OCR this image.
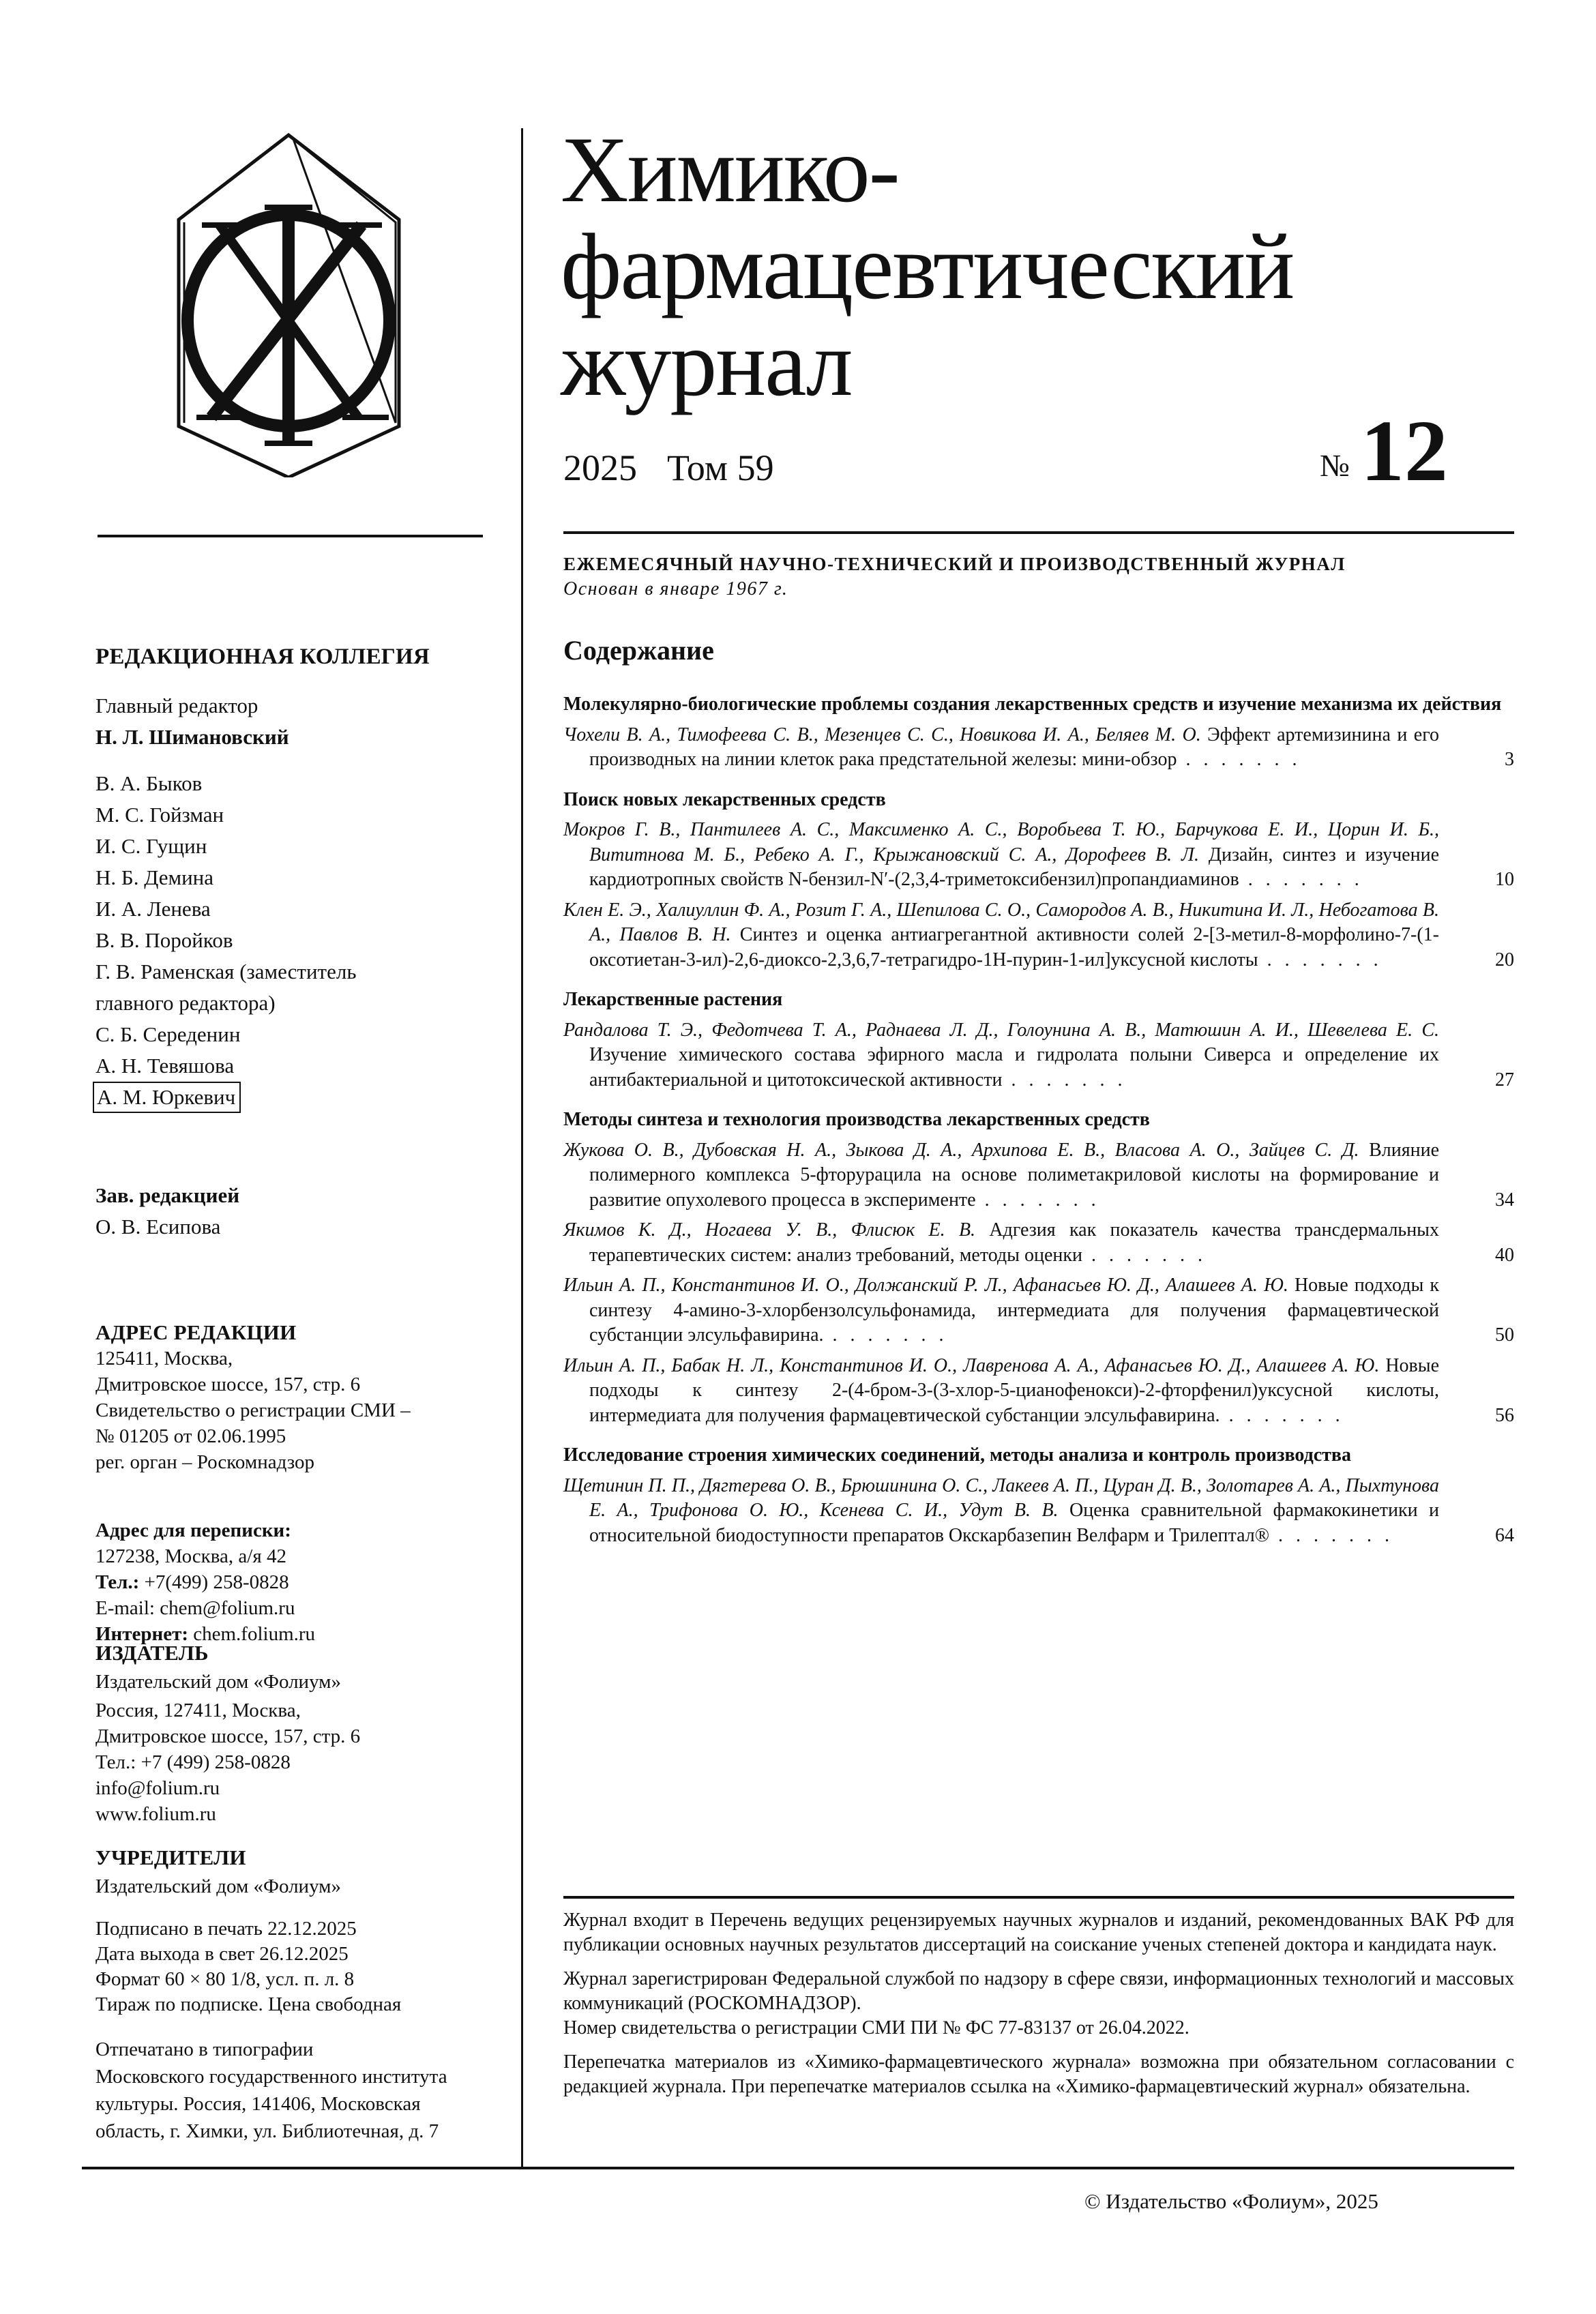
РЕДАКЦИОННАЯ КОЛЛЕГИЯ

Главный редактор

Н. Л. Шимановский

В. А. Быков

М. С. Гойзман

И. С. Гущин

Н. Б. Демина

И. А. Ленева

В. В. Поройков

Г. В. Раменская (заместитель

главного редактора)

С. Б. Середенин

А. Н. Тевяшова

А. М. Юркевич

Зав. редакцией

О. В. Есипова

АДРЕС РЕДАКЦИИ

125411, Москва,

Дмитровское шоссе, 157, стр. 6

Свидетельство о регистрации СМИ –

№ 01205 от 02.06.1995

рег. орган – Роскомнадзор

Адрес для переписки:

127238, Москва, а/я 42

Тел.: +7(499) 258-0828

E-mail: chem@folium.ru

Интернет: chem.folium.ru

ИЗДАТЕЛЬ

Издательский дом «Фолиум»

Россия, 127411, Москва,

Дмитровское шоссе, 157, стр. 6

Тел.: +7 (499) 258-0828

info@folium.ru

www.folium.ru

УЧРЕДИТЕЛИ

Издательский дом «Фолиум»

Подписано в печать 22.12.2025

Дата выхода в свет 26.12.2025

Формат 60 × 80 1/8, усл. п. л. 8

Тираж по подписке. Цена свободная

Отпечатано в типографии

Московского государственного института

культуры. Россия, 141406, Московская

область, г. Химки, ул. Библиотечная, д. 7

Химико-
фармацевтический
журнал
2025 Том 59	№ 12
ЕЖЕМЕСЯЧНЫЙ НАУЧНО-ТЕХНИЧЕСКИЙ И ПРОИЗВОДСТВЕННЫЙ ЖУРНАЛ
Основан в январе 1967 г.
Содержание
Молекулярно-биологические проблемы создания лекарственных средств и изучение механизма их действия
Чохели В. А., Тимофеева С. В., Мезенцев С. С., Новикова И. А., Беляев М. О. Эффект артемизинина и его производных на линии клеток рака предстательной железы: мини-обзор . . . . . . .	3
Поиск новых лекарственных средств
Мокров Г. В., Пантилеев А. С., Максименко А. С., Воробьева Т. Ю., Барчукова Е. И., Цорин И. Б., Вититнова М. Б., Ребеко А. Г., Крыжановский С. А., Дорофеев В. Л. Дизайн, синтез и изучение кардиотропных свойств N-бензил-N′-(2,3,4-триметоксибензил)пропандиаминов . . . . . . .	10
Клен Е. Э., Халиуллин Ф. А., Розит Г. А., Шепилова С. О., Самородов А. В., Никитина И. Л., Небогатова В. А., Павлов В. Н. Синтез и оценка антиагрегантной активности солей 2-[3-метил-8-морфолино-7-(1-оксотиетан-3-ил)-2,6-диоксо-2,3,6,7-тетрагидро-1H-пурин-1-ил]уксусной кислоты . . . . . . .	20
Лекарственные растения
Рандалова Т. Э., Федотчева Т. А., Раднаева Л. Д., Голоунина А. В., Матюшин А. И., Шевелева Е. С. Изучение химического состава эфирного масла и гидролата полыни Сиверса и определение их антибактериальной и цитотоксической активности . . . . . . .	27
Методы синтеза и технология производства лекарственных средств
Жукова О. В., Дубовская Н. А., Зыкова Д. А., Архипова Е. В., Власова А. О., Зайцев С. Д. Влияние полимерного комплекса 5-фторурацила на основе полиметакриловой кислоты на формирование и развитие опухолевого процесса в эксперименте . . . . . . .	34
Якимов К. Д., Ногаева У. В., Флисюк Е. В. Адгезия как показатель качества трансдермальных терапевтических систем: анализ требований, методы оценки . . . . . . .	40
Ильин А. П., Константинов И. О., Должанский Р. Л., Афанасьев Ю. Д., Алашеев А. Ю. Новые подходы к синтезу 4-амино-3-хлорбензолсульфонамида, интермедиата для получения фармацевтической субстанции элсульфавирина. . . . . . . .	50
Ильин А. П., Бабак Н. Л., Константинов И. О., Лавренова А. А., Афанасьев Ю. Д., Алашеев А. Ю. Новые подходы к синтезу 2-(4-бром-3-(3-хлор-5-цианофенокси)-2-фторфенил)уксусной кислоты, интермедиата для получения фармацевтической субстанции элсульфавирина. . . . . . . .	56
Исследование строения химических соединений, методы анализа и контроль производства
Щетинин П. П., Дягтерева О. В., Брюшинина О. С., Лакеев А. П., Цуран Д. В., Золотарев А. А., Пыхтунова Е. А., Трифонова О. Ю., Ксенева С. И., Удут В. В. Оценка сравнительной фармакокинетики и относительной биодоступности препаратов Окскарбазепин Велфарм и Трилептал® . . . . . . .	64

Журнал входит в Перечень ведущих рецензируемых научных журналов и изданий, рекомендованных ВАК РФ для публикации основных научных результатов диссертаций на соискание ученых степеней доктора и кандидата наук.

Журнал зарегистрирован Федеральной службой по надзору в сфере связи, информационных технологий и массовых коммуникаций (РОСКОМНАДЗОР).

Номер свидетельства о регистрации СМИ ПИ № ФС 77-83137 от 26.04.2022.

Перепечатка материалов из «Химико-фармацевтического журнала» возможна при обязательном согласовании с редакцией журнала. При перепечатке материалов ссылка на «Химико-фармацевтический журнал» обязательна.

© Издательство «Фолиум», 2025
